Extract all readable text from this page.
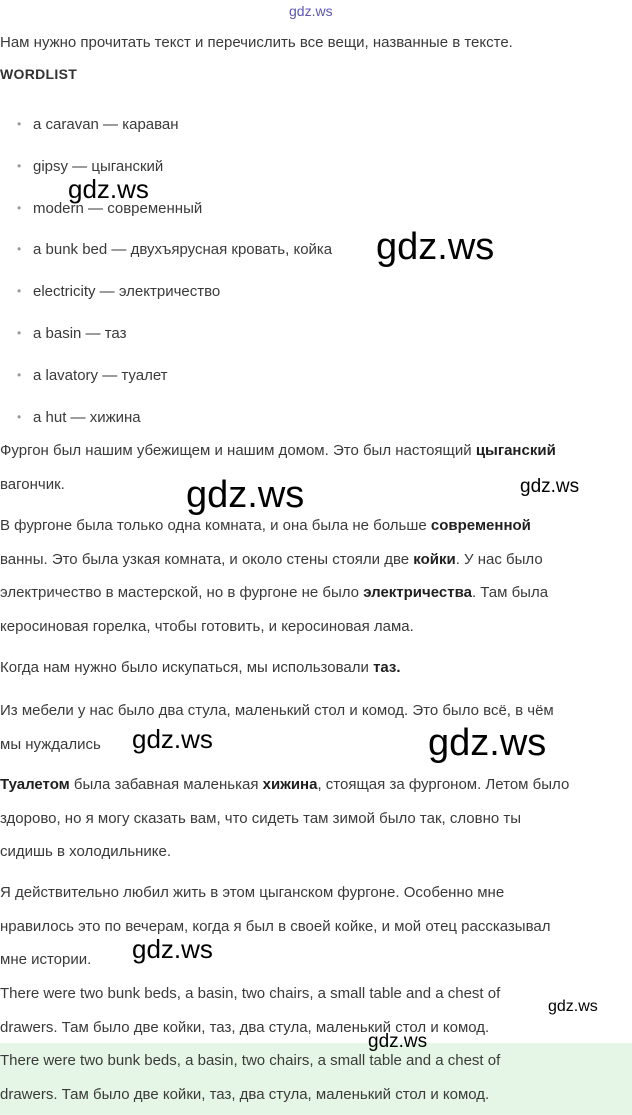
gdz.ws
Нам нужно прочитать текст и перечислить все вещи, названные в тексте.
WORDLIST
• a caravan — караван
• gipsy — цыганский
• modern — современный
• a bunk bed — двухъярусная кровать, койка
• electricity — электричество
• a basin — таз
• a lavatory — туалет
• a hut — хижина
Фургон был нашим убежищем и нашим домом. Это был настоящий цыганский
вагончик.
В фургоне была только одна комната, и она была не больше современной
ванны. Это была узкая комната, и около стены стояли две койки. У нас было
электричество в мастерской, но в фургоне не было электричества. Там была
керосиновая горелка, чтобы готовить, и керосиновая лама.
Когда нам нужно было искупаться, мы использовали таз.
Из мебели у нас было два стула, маленький стол и комод. Это было всё, в чём
мы нуждались
Туалетом была забавная маленькая хижина, стоящая за фургоном. Летом было
здорово, но я могу сказать вам, что сидеть там зимой было так, словно ты
сидишь в холодильнике.
Я действительно любил жить в этом цыганском фургоне. Особенно мне
нравилось это по вечерам, когда я был в своей койке, и мой отец рассказывал
мне истории.
There were two bunk beds, a basin, two chairs, a small table and a chest of
drawers. Там было две койки, таз, два стула, маленький стол и комод.
There were two bunk beds, a basin, two chairs, a small table and a chest of
drawers. Там было две койки, таз, два стула, маленький стол и комод.
gdz.ws
gdz.ws
gdz.ws	gdz.ws
gdz.ws	gdz.ws
gdz.ws
gdz.ws
gdz.ws
